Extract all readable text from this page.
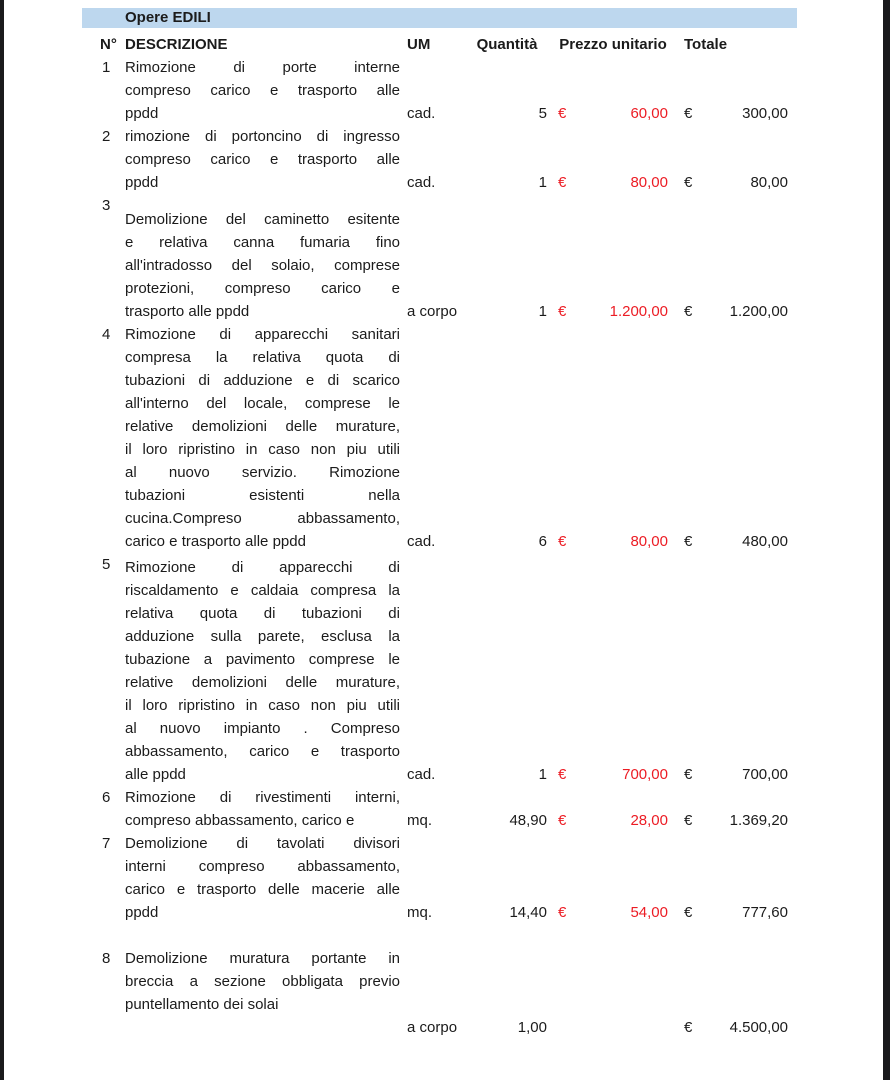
Opere EDILI
N° DESCRIZIONE	UM	Quantità	Prezzo unitario Totale
1 Rimozione di porte interne
compreso carico e trasporto alle
ppdd	cad.	5 €	60,00 €	300,00
2 rimozione di portoncino di ingresso
compreso carico e trasporto alle
ppdd	cad.	1 €	80,00 €	80,00
3
Demolizione del caminetto esitente
e relativa canna fumaria fino
all'intradosso del solaio, comprese
protezioni, compreso carico e
trasporto alle ppdd	a corpo	1 €	1.200,00 €	1.200,00
4 Rimozione di apparecchi sanitari
compresa la relativa quota di
tubazioni di adduzione e di scarico
all'interno del locale, comprese le
relative demolizioni delle murature,
il loro ripristino in caso non piu utili
al nuovo servizio. Rimozione
tubazioni esistenti nella
cucina.Compreso abbassamento,
carico e trasporto alle ppdd	cad.	6 €	80,00 €	480,00
5 Rimozione di apparecchi di
riscaldamento e caldaia compresa la
relativa quota di tubazioni di
adduzione sulla parete, esclusa la
tubazione a pavimento comprese le
relative demolizioni delle murature,
il loro ripristino in caso non piu utili
al nuovo impianto . Compreso
abbassamento, carico e trasporto
alle ppdd	cad.	1 €	700,00 €	700,00
6 Rimozione di rivestimenti interni,
compreso abbassamento, carico e	mq.	48,90 €	28,00 €	1.369,20
7 Demolizione di tavolati divisori
interni compreso abbassamento,
carico e trasporto delle macerie alle
ppdd	mq.	14,40 €	54,00 €	777,60
8 Demolizione muratura portante in
breccia a sezione obbligata previo
puntellamento dei solai
a corpo	1,00	€	4.500,00
